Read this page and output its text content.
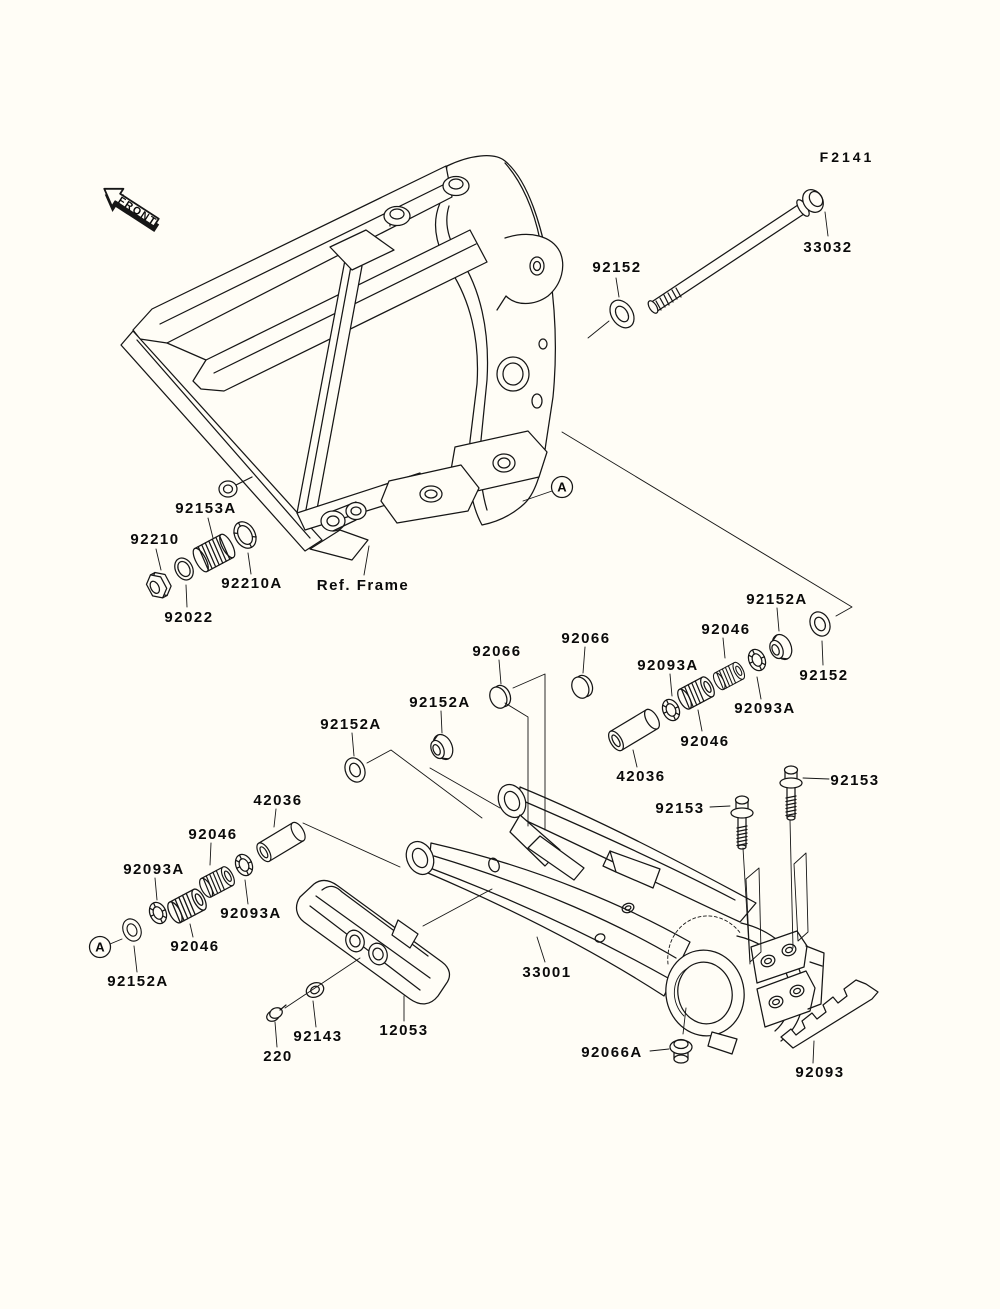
FRONT
F2141
33032
92152
92153A
92210
92210A
92022
Ref. Frame
92066
92066
92152A
92152A
92046
92093A
92093A
92046
42036
92152A
92152
92093A
92046
42036
92046
92093A
92152A
33001
12053
92143
220
92153
92153
92066A
92093
A
A
